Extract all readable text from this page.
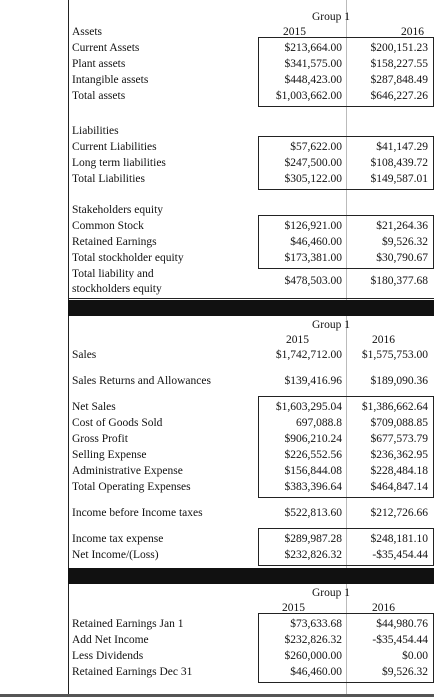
Group 1
2015	2016
Assets
Current Assets	$213,664.00 $200,151.23
Plant assets	$341,575.00 $158,227.55
Intangible assets	$448,423.00 $287,848.49
Total assets	$1,003,662.00 $646,227.26
Liabilities
Current Liabilities	$57,622.00	$41,147.29
Long term liabilities	$247,500.00 $108,439.72
Total Liabilities	$305,122.00 $149,587.01
Stakeholders equity
Common Stock	$126,921.00	$21,264.36
Retained Earnings	$46,460.00	$9,526.32
Total stockholder equity	$173,381.00	$30,790.67
Total liability and
stockholders equity
$478,503.00 $180,377.68
Group 1
2015	2016
Sales	$1,742,712.00 $1,575,753.00
Sales Returns and Allowances	$139,416.96 $189,090.36
Net Sales	$1,603,295.04 $1,386,662.64
Cost of Goods Sold	697,088.8 $709,088.85
Gross Profit	$906,210.24 $677,573.79
Selling Expense	$226,552.56 $236,362.95
Administrative Expense	$156,844.08 $228,484.18
Total Operating Expenses	$383,396.64 $464,847.14
Income before Income taxes	$522,813.60 $212,726.66
Income tax expense	$289,987.28 $248,181.10
Net Income/(Loss)	$232,826.32	-$35,454.44
Group 1
2015	2016
Retained Earnings Jan 1	$73,633.68	$44,980.76
Add Net Income	$232,826.32	-$35,454.44
Less Dividends	$260,000.00	$0.00
Retained Earnings Dec 31	$46,460.00	$9,526.32
